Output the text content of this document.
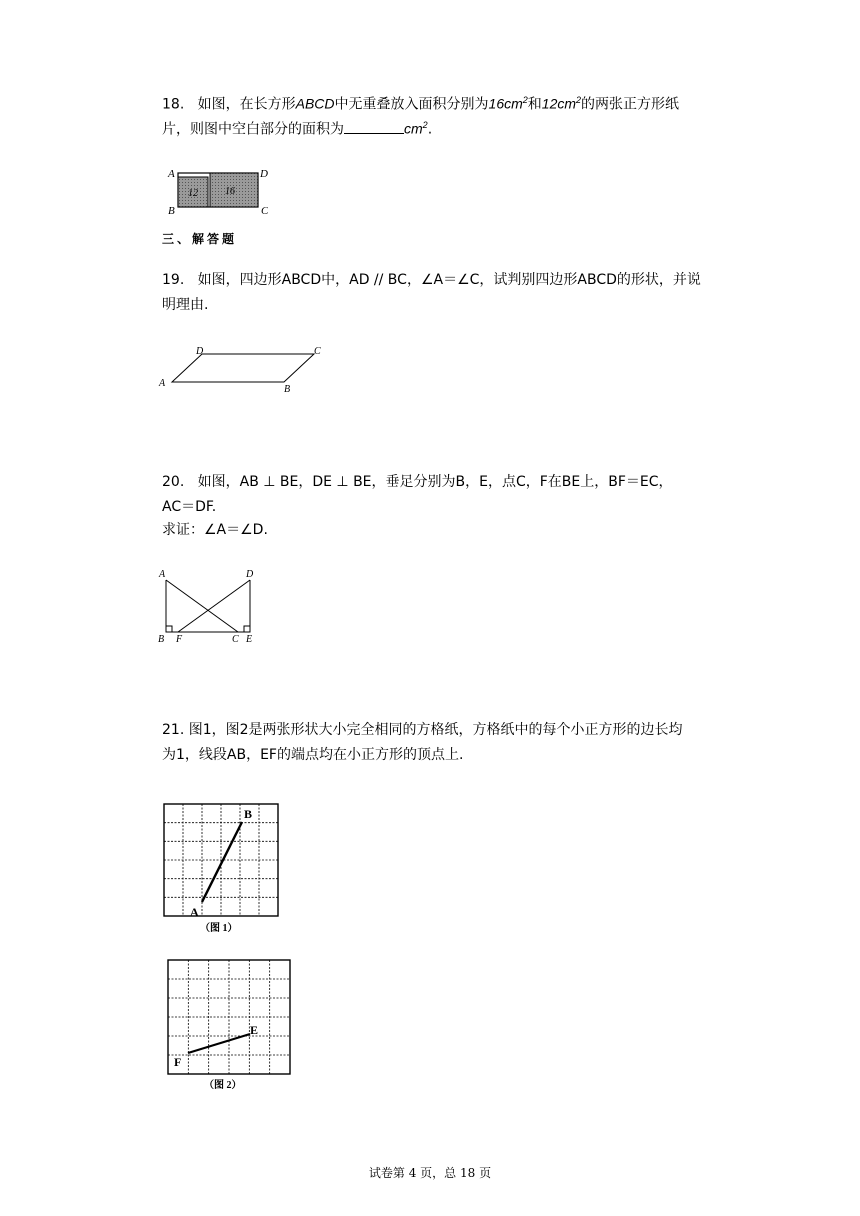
18. 如图，在长方形ABCD中无重叠放入面积分别为$16cm^2$和$12cm^2$的两张正方形纸
片，则图中空白部分的面积为	$cm^2$.
12	16
A
B	C
D
三、解答题
19. 如图，四边形ABCD中，AD // BC，∠A＝∠C，试判别四边形ABCD的形状，并说
明理由.
A
B
C
D
20. 如图，AB ⊥ BE，DE ⊥ BE，垂足分别为B，E，点C，F在BE上，BF＝EC，
AC＝DF.
求证：∠A＝∠D.
A	D
B F	C E
21. 图1，图2是两张形状大小完全相同的方格纸，方格纸中的每个小正方形的边长均
为1，线段AB，EF的端点均在小正方形的顶点上.
A
B
（图 1）
F
E
（图 2）
试卷第 4 页，总 18 页
